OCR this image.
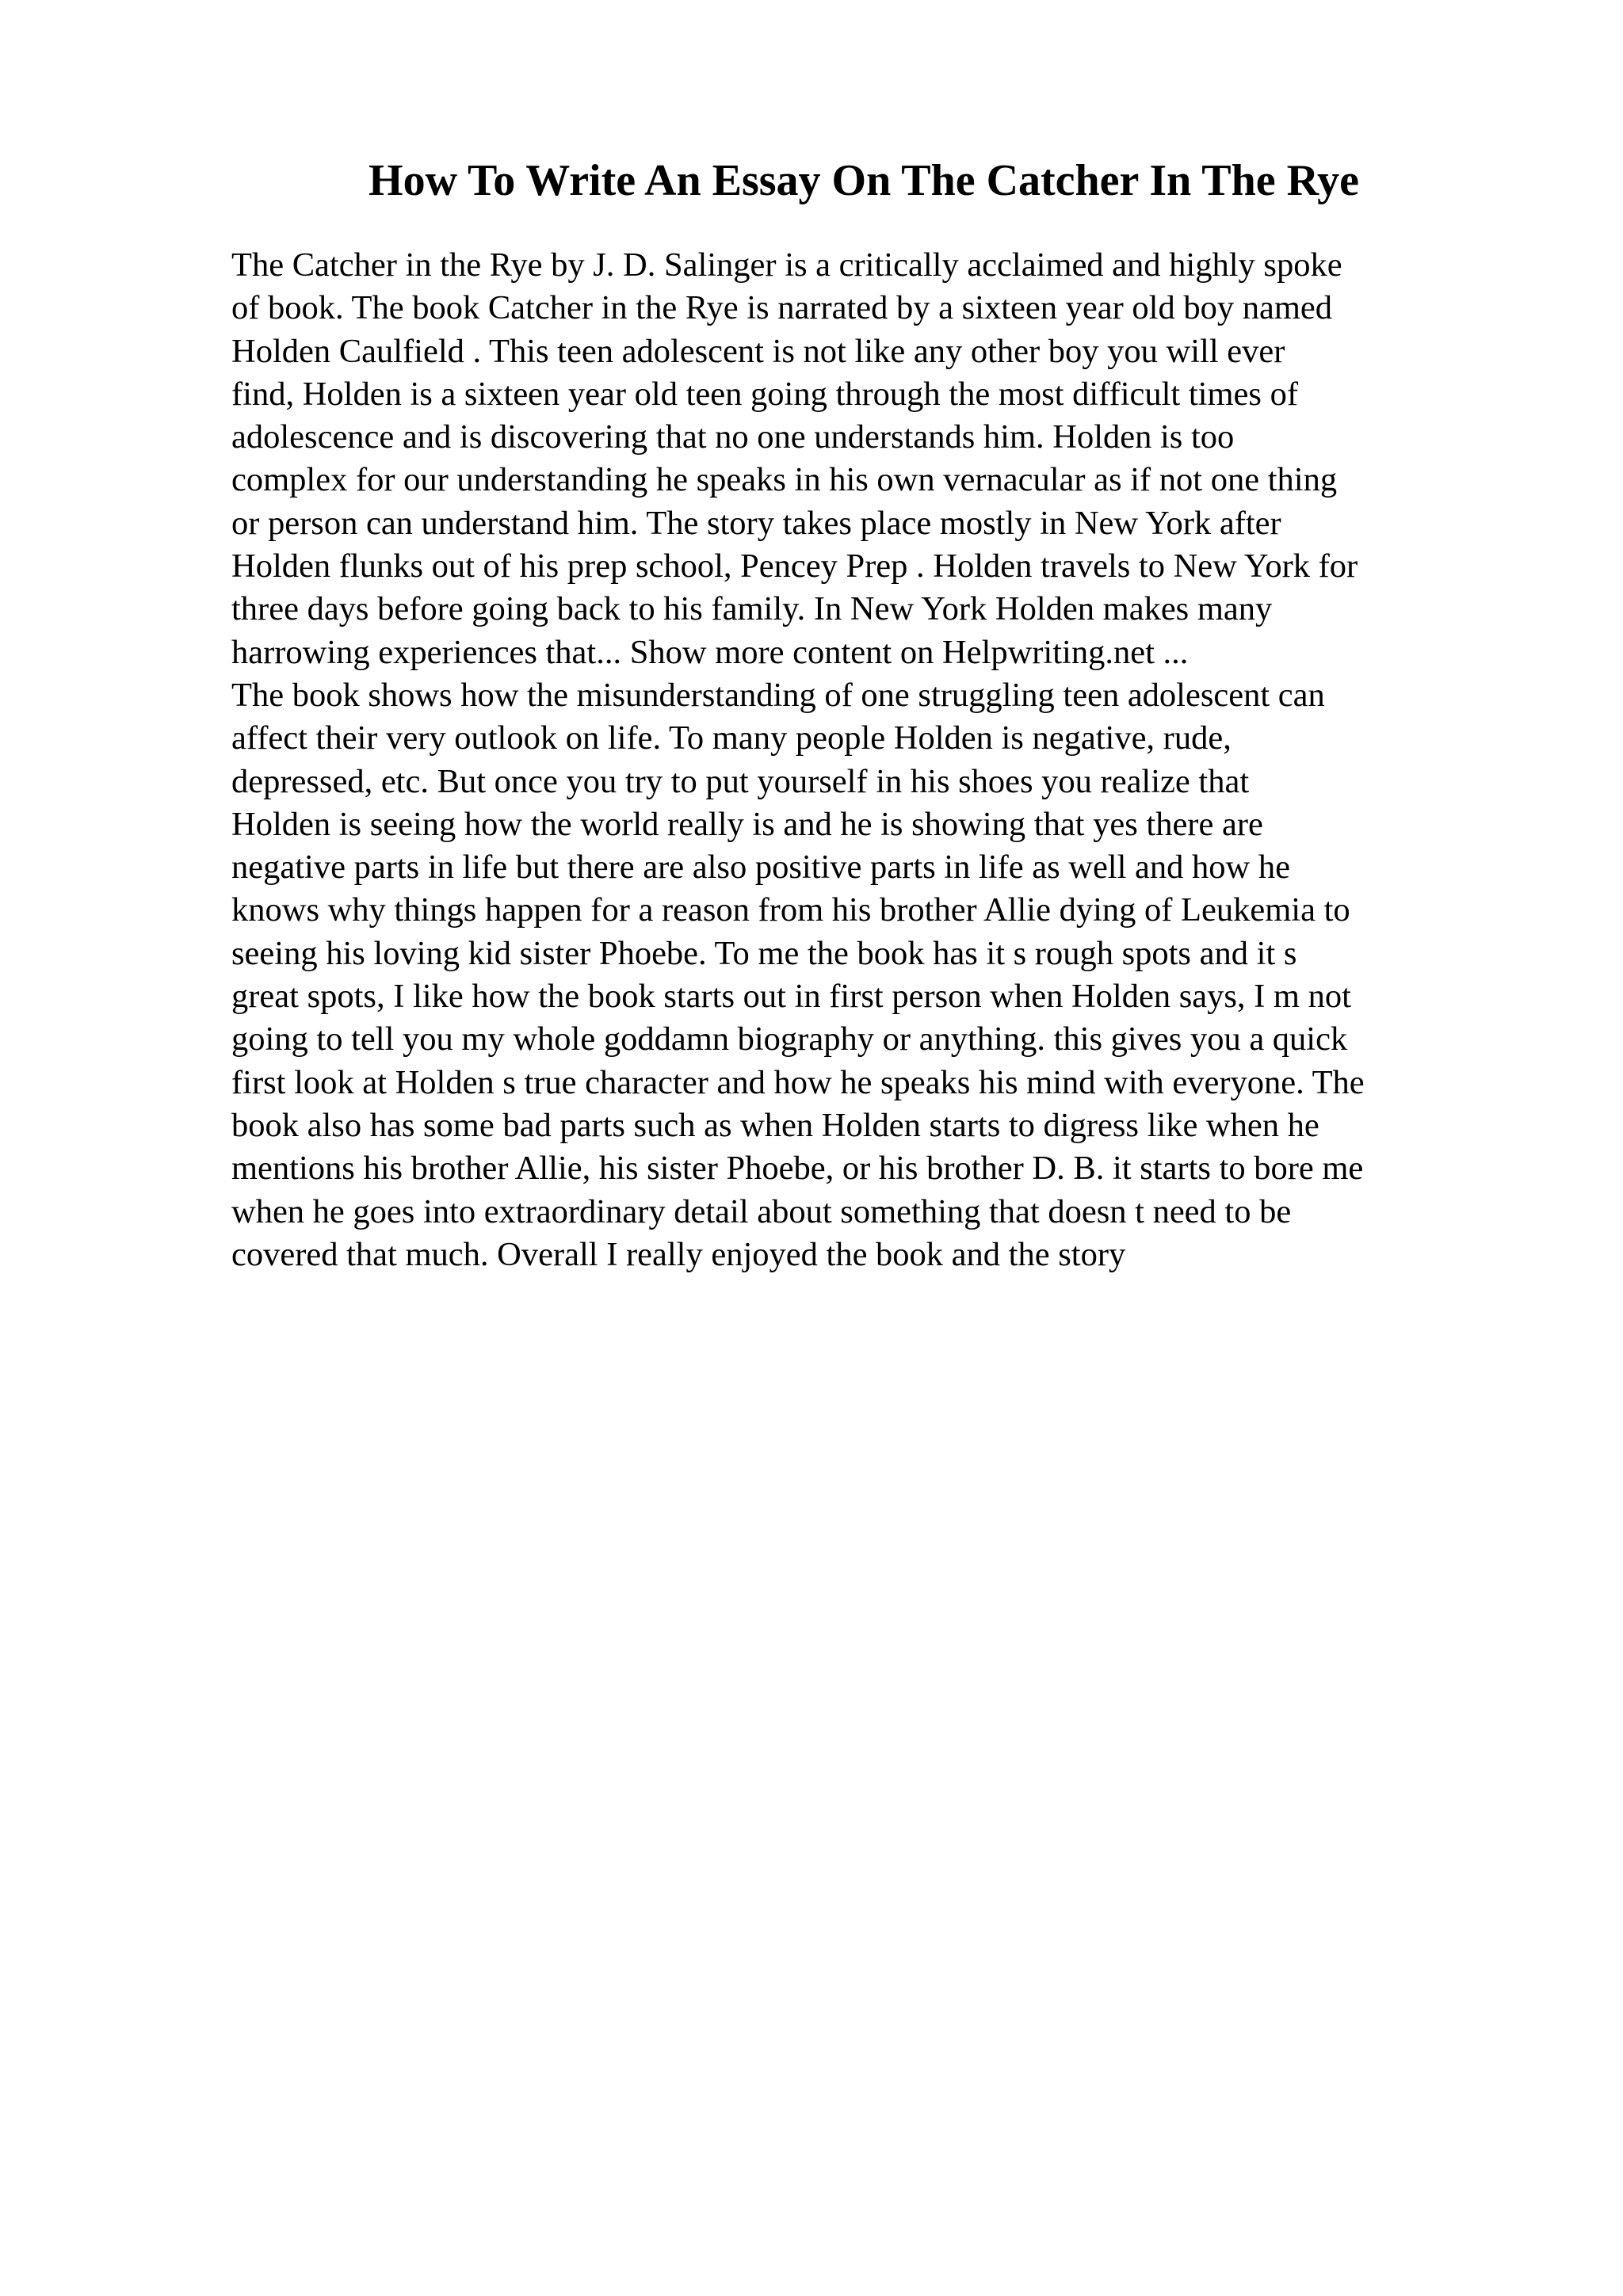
How To Write An Essay On The Catcher In The Rye
The Catcher in the Rye by J. D. Salinger is a critically acclaimed and highly spoke
of book. The book Catcher in the Rye is narrated by a sixteen year old boy named
Holden Caulfield . This teen adolescent is not like any other boy you will ever
find, Holden is a sixteen year old teen going through the most difficult times of
adolescence and is discovering that no one understands him. Holden is too
complex for our understanding he speaks in his own vernacular as if not one thing
or person can understand him. The story takes place mostly in New York after
Holden flunks out of his prep school, Pencey Prep . Holden travels to New York for
three days before going back to his family. In New York Holden makes many
harrowing experiences that... Show more content on Helpwriting.net ...
The book shows how the misunderstanding of one struggling teen adolescent can
affect their very outlook on life. To many people Holden is negative, rude,
depressed, etc. But once you try to put yourself in his shoes you realize that
Holden is seeing how the world really is and he is showing that yes there are
negative parts in life but there are also positive parts in life as well and how he
knows why things happen for a reason from his brother Allie dying of Leukemia to
seeing his loving kid sister Phoebe. To me the book has it s rough spots and it s
great spots, I like how the book starts out in first person when Holden says, I m not
going to tell you my whole goddamn biography or anything. this gives you a quick
first look at Holden s true character and how he speaks his mind with everyone. The
book also has some bad parts such as when Holden starts to digress like when he
mentions his brother Allie, his sister Phoebe, or his brother D. B. it starts to bore me
when he goes into extraordinary detail about something that doesn t need to be
covered that much. Overall I really enjoyed the book and the story
